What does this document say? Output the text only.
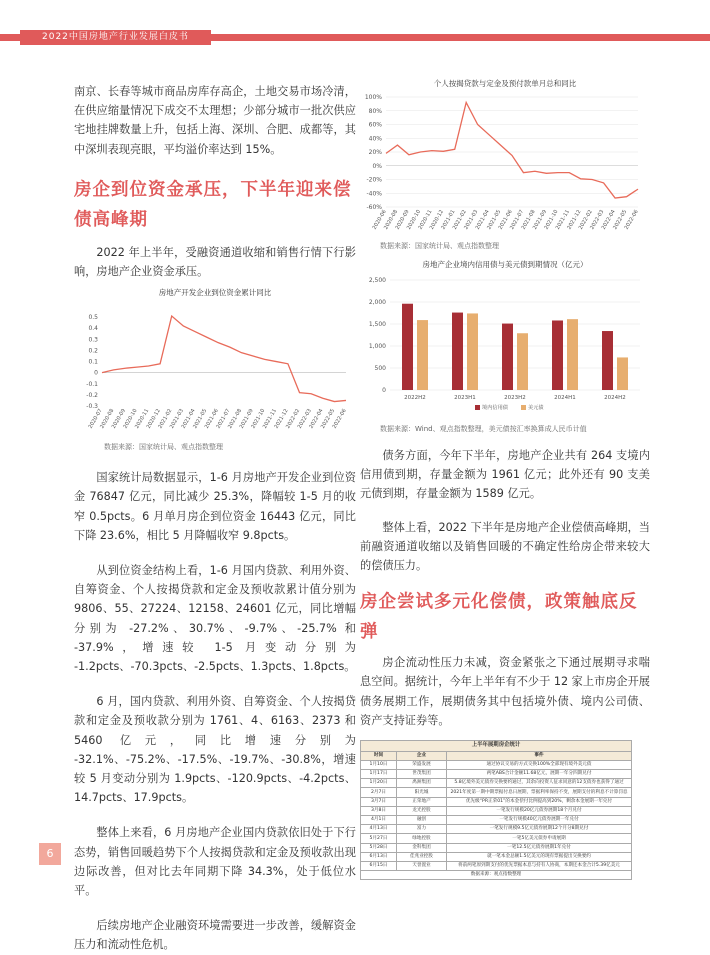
2022中国房地产行业发展白皮书

南京、长春等城市商品房库存高企，土地交易市场冷清，在供应缩量情况下成交不太理想；少部分城市一批次供应宅地挂牌数量上升，包括上海、深圳、合肥、成都等，其中深圳表现亮眼，平均溢价率达到 15%。

房企到位资金承压，下半年迎来偿债高峰期

2022 年上半年，受融资通道收缩和销售行情下行影响，房地产企业资金承压。

房地产开发企业到位资金累计同比
0.5
0.4
0.3
0.2
0.1
0
-0.1
-0.2
-0.3
2020-07
2020-08
2020-09
2020-10
2020-11
2020-12
2021-02
2021-03
2021-04
2021-05
2021-06
2021-07
2021-08
2021-09
2021-10
2021-11
2021-12
2022-02
2022-03
2022-04
2022-05
2022-06
数据来源：国家统计局、观点指数整理

国家统计局数据显示，1-6 月房地产开发企业到位资金 76847 亿元，同比减少 25.3%，降幅较 1-5 月的收窄 0.5pcts。6 月单月房企到位资金 16443 亿元，同比下降 23.6%，相比 5 月降幅收窄 9.8pcts。

从到位资金结构上看，1-6 月国内贷款、利用外资、自筹资金、个人按揭贷款和定金及预收款累计值分别为 9806、55、27224、12158、24601 亿元，同比增幅分别为 -27.2%、30.7%、-9.7%、-25.7% 和 -37.9%，增速较 1-5 月变动分别为 -1.2pcts、-70.3pcts、-2.5pcts、1.3pcts、1.8pcts。

6 月，国内贷款、利用外资、自筹资金、个人按揭贷款和定金及预收款分别为 1761、4、6163、2373 和 5460 亿元，同比增速分别为 -32.1%、-75.2%、-17.5%、-19.7%、-30.8%，增速较 5 月变动分别为 1.9pcts、-120.9pcts、-4.2pcts、14.7pcts、17.9pcts。

整体上来看，6 月房地产企业国内贷款依旧处于下行态势，销售回暖趋势下个人按揭贷款和定金及预收款出现边际改善，但对比去年同期下降 34.3%，处于低位水平。

后续房地产企业融资环境需要进一步改善，缓解资金压力和流动性危机。

个人按揭贷款与定金及预付款单月总和同比
100%
80%
60%
40%
20%
0%
-20%
-40%
-60%
2020-06
2020-08
2020-09
2020-10
2020-11
2020-12
2021-01
2021-02
2021-03
2021-04
2021-05
2021-06
2021-07
2021-08
2021-09
2021-10
2021-11
2021-12
2022-02
2022-03
2022-04
2022-05
2022-06
数据来源：国家统计局、观点指数整理
房地产企业境内信用债与美元债到期情况（亿元）
2,500
2,000
1,500
1,000
500
0
2022H2	2023H1	2023H2	2024H1	2024H2
境内信用债	美元债
数据来源：Wind、观点指数整理，美元债按汇率换算成人民币计值

债务方面，今年下半年，房地产企业共有 264 支境内信用债到期，存量金额为 1961 亿元；此外还有 90 支美元债到期，存量金额为 1589 亿元。

整体上看，2022 下半年是房地产企业偿债高峰期，当前融资通道收缩以及销售回暖的不确定性给房企带来较大的偿债压力。

房企尝试多元化偿债，政策触底反弹

房企流动性压力未减，资金紧张之下通过展期寻求喘息空间。据统计，今年上半年有不少于 12 家上市房企开展债务展期工作，展期债务其中包括境外债、境内公司债、资产支持证券等。

上半年展期房企统计		
时间	企业	事件
1月10日	荣盛发展	通过协议交易的方式交换100%全部现有境外美元债
1月17日	世茂集团	两笔ABS合计金额11.68亿元，展期一年分四期兑付
1月20日	禹洲集团	5.8亿境外美元债券交换要约通过，其余向投资人征求同意的12支债券也获得了通过
2月7日	阳光城	2021年度第一期中期票据付息日展期，票据利率保持不变，展期支付的利息不计算罚息
3月7日	正荣地产	优先级“PR正荣01”的本金偿付比例提高到20%，剩余本金展期一年兑付
3月8日	龙光控股	一笔发行规模20亿元债券展期18个月兑付
4月1日	融创	一笔发行规模40亿元债券展期一年兑付
4月13日	富力	一笔发行规模9.5亿元债券展期12个月分8期兑付
5月27日	绿地控股	一笔5亿美元债券申请展期
5月28日	金科集团	一笔12.5亿元债券展期1年兑付
6月13日	佳兆业控股	就一笔本金总额1.5亿美元的现有票据提出交换要约
6月15日	天誉置业	将前两笔原到期支付的优先票据本息与持有人协商，本期还本金合计5.39亿美元
数据来源：观点指数整理		
6
